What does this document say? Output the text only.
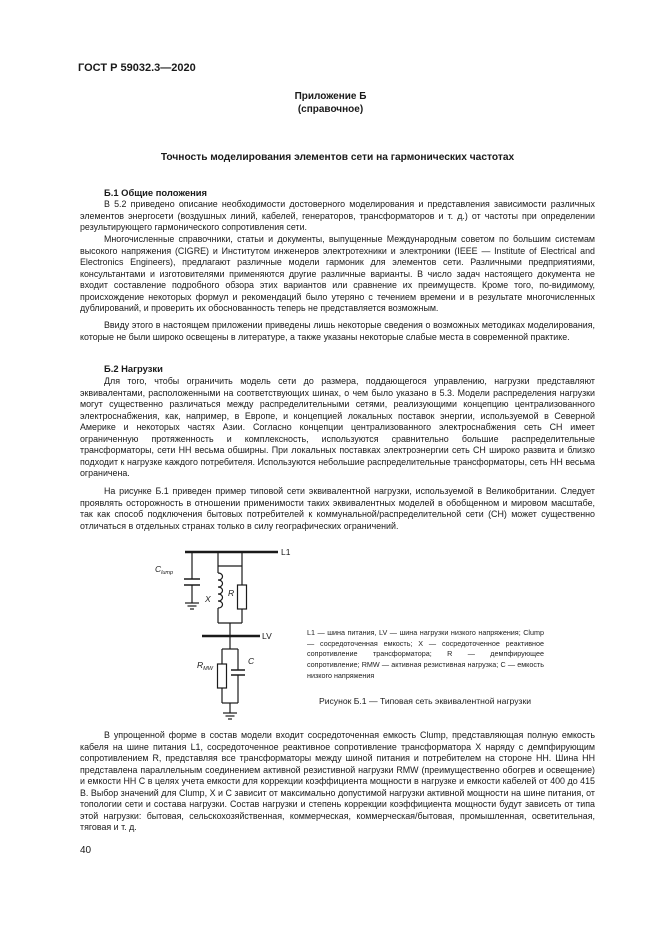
ГОСТ Р 59032.3—2020
Приложение Б
(справочное)
Точность моделирования элементов сети на гармонических частотах
Б.1 Общие положения

В 5.2 приведено описание необходимости достоверного моделирования и представления зависимости различных элементов энергосети (воздушных линий, кабелей, генераторов, трансформаторов и т. д.) от частоты при определении результирующего гармонического сопротивления сети.

Многочисленные справочники, статьи и документы, выпущенные Международным советом по большим системам высокого напряжения (CIGRE) и Институтом инженеров электротехники и электроники (IEEE — Institute of Electrical and Electronics Engineers), предлагают различные модели гармоник для элементов сети. Различными предприятиями, консультантами и изготовителями применяются другие различные варианты. В число задач настоящего документа не входит составление подробного обзора этих вариантов или сравнение их преимуществ. Кроме того, по-видимому, происхождение некоторых формул и рекомендаций было утеряно с течением времени и в результате многочисленных дублирований, и проверить их обоснованность теперь не представляется возможным.

Ввиду этого в настоящем приложении приведены лишь некоторые сведения о возможных методиках моделирования, которые не были широко освещены в литературе, а также указаны некоторые слабые места в современной практике.

Б.2 Нагрузки

Для того, чтобы ограничить модель сети до размера, поддающегося управлению, нагрузки представляют эквивалентами, расположенными на соответствующих шинах, о чем было указано в 5.3. Модели распределения нагрузки могут существенно различаться между распределительными сетями, реализующими концепцию централизованного электроснабжения, как, например, в Европе, и концепцией локальных поставок энергии, используемой в Северной Америке и некоторых частях Азии. Согласно концепции централизованного электроснабжения сеть СН имеет ограниченную протяженность и комплексность, используются сравнительно большие распределительные трансформаторы, сети НН весьма обширны. При локальных поставках электроэнергии сеть СН широко развита и близко подходит к нагрузке каждого потребителя. Используются небольшие распределительные трансформаторы, сеть НН весьма ограничена.

На рисунке Б.1 приведен пример типовой сети эквивалентной нагрузки, используемой в Великобритании. Следует проявлять осторожность в отношении применимости таких эквивалентных моделей в обобщенном и мировом масштабе, так как способ подключения бытовых потребителей к коммунальной/распределительной сети (СН) может существенно отличаться в отдельных странах только в силу географических ограничений.

L1
LV
$C_{lump}$
X
R
$R_{MW}$
C

L1 — шина питания, LV — шина нагрузки низкого напряжения; Clump — сосредоточенная емкость; X — сосредоточенное реактивное сопротивление трансформатора; R — демпфирующее сопротивление; RMW — активная резистивная нагрузка; C — емкость низкого напряжения

Рисунок Б.1 — Типовая сеть эквивалентной нагрузки

В упрощенной форме в состав модели входит сосредоточенная емкость Clump, представляющая полную емкость кабеля на шине питания L1, сосредоточенное реактивное сопротивление трансформатора X наряду с демпфирующим сопротивлением R, представляя все трансформаторы между шиной питания и потребителем на стороне НН. Шина НН представлена параллельным соединением активной резистивной нагрузки RMW (преимущественно обогрев и освещение) и емкости НН C в целях учета емкости для коррекции коэффициента мощности в нагрузке и емкости кабелей от 400 до 415 В. Выбор значений для Clump, X и C зависит от максимально допустимой нагрузки активной мощности на шине питания, от топологии сети и состава нагрузки. Состав нагрузки и степень коррекции коэффициента мощности будут зависеть от типа этой нагрузки: бытовая, сельскохозяйственная, коммерческая, коммерческая/бытовая, промышленная, осветительная, тяговая и т. д.

40
